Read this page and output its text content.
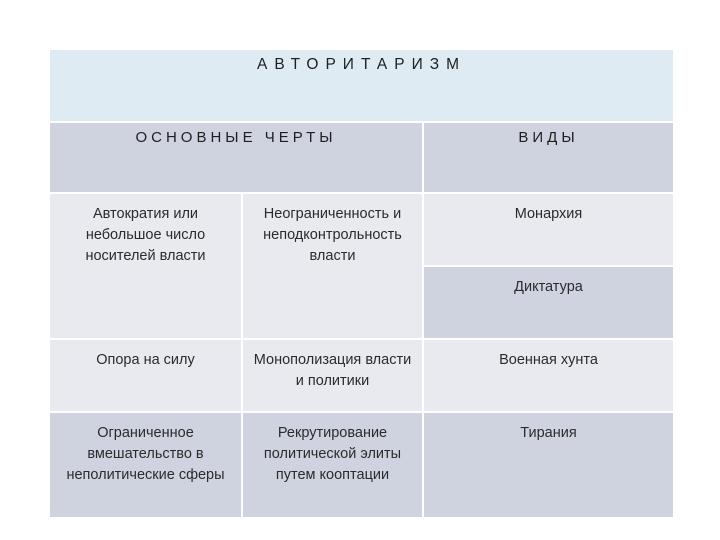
АВТОРИТАРИЗМ
ОСНОВНЫЕ ЧЕРТЫ	ВИДЫ
Автократия или небольшое число носителей власти
Неограниченность и неподконтрольность власти
Монархия
Диктатура
Опора на силу	Монополизация власти и политики
Военная хунта
Ограниченное вмешательство в неполитические сферы
Рекрутирование политической элиты путем кооптации
Тирания
